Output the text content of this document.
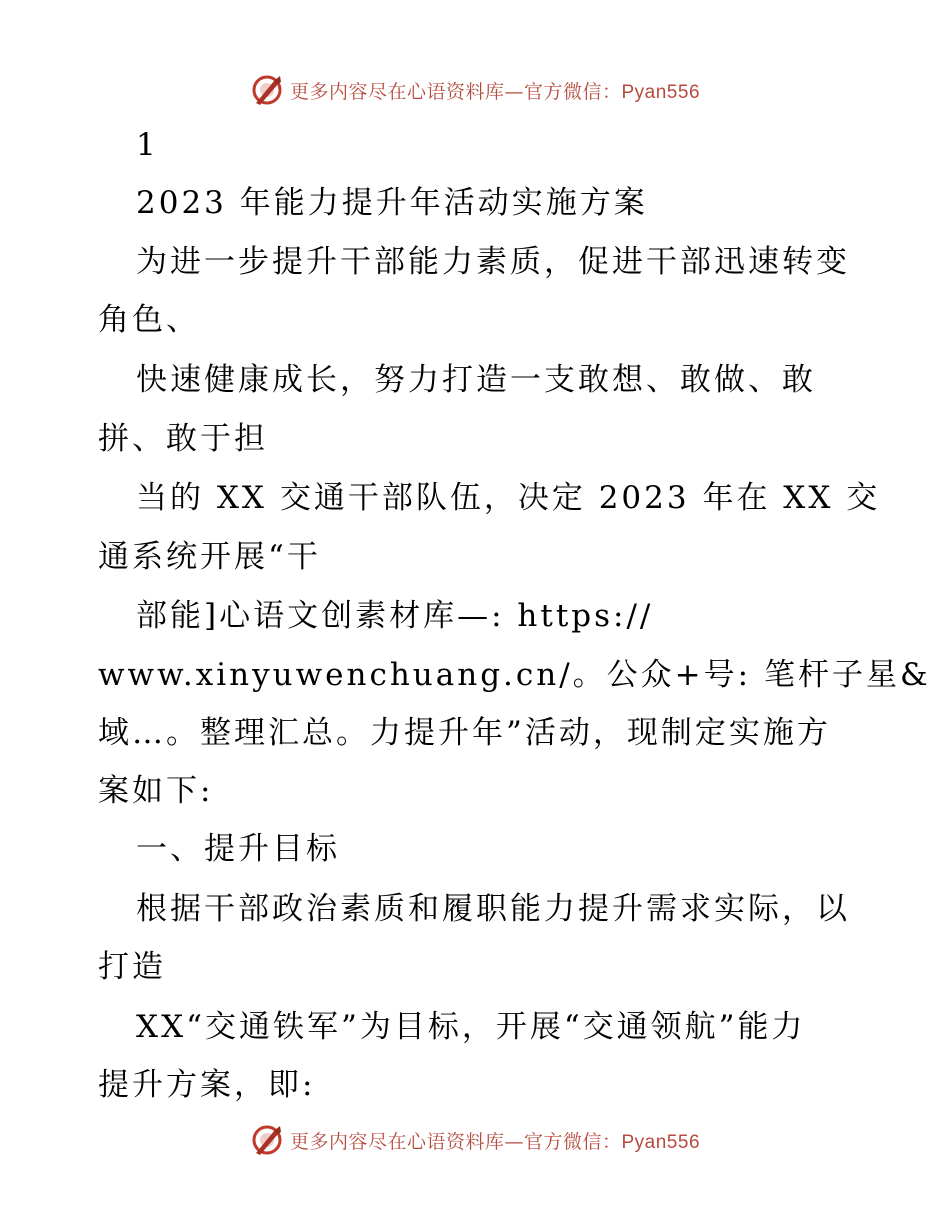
更多内容尽在心语资料库—官方微信：Pyan556
1
2023 年能力提升年活动实施方案
为进一步提升干部能力素质，促进干部迅速转变
角色、
快速健康成长，努力打造一支敢想、敢做、敢
拼、敢于担
当的 XX 交通干部队伍，决定 2023 年在 XX 交
通系统开展“干
部能]心语文创素材库—: https://
www.xinyuwenchuang.cn/。公众+号: 笔杆子星&
域…。整理汇总。力提升年”活动，现制定实施方
案如下:
一、提升目标
根据干部政治素质和履职能力提升需求实际，以
打造
XX“交通铁军”为目标，开展“交通领航”能力
提升方案，即:
更多内容尽在心语资料库—官方微信：Pyan556
